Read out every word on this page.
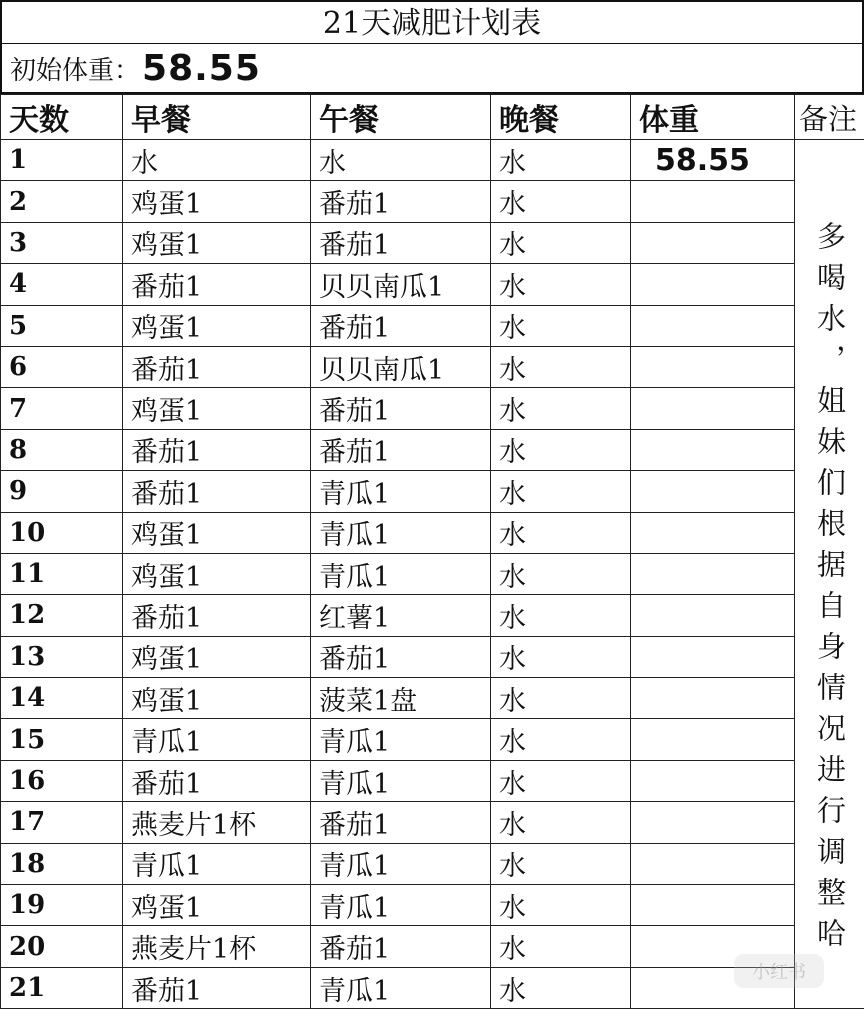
21天减肥计划表
初始体重： 58.55
天数	早餐	午餐	晚餐	体重	备注
1	水	水	水	58.55	多喝水，姐妹们根据自身情况进行调整哈

2	鸡蛋1	番茄1	水		
3	鸡蛋1	番茄1	水		
4	番茄1	贝贝南瓜1	水		
5	鸡蛋1	番茄1	水		
6	番茄1	贝贝南瓜1	水		
7	鸡蛋1	番茄1	水		
8	番茄1	番茄1	水		
9	番茄1	青瓜1	水		
10	鸡蛋1	青瓜1	水		
11	鸡蛋1	青瓜1	水		
12	番茄1	红薯1	水		
13	鸡蛋1	番茄1	水		
14	鸡蛋1	菠菜1盘	水		
15	青瓜1	青瓜1	水		
16	番茄1	青瓜1	水		
17	燕麦片1杯	番茄1	水		
18	青瓜1	青瓜1	水		
19	鸡蛋1	青瓜1	水		
20	燕麦片1杯	番茄1	水		
21	番茄1	青瓜1	水		
小红书
